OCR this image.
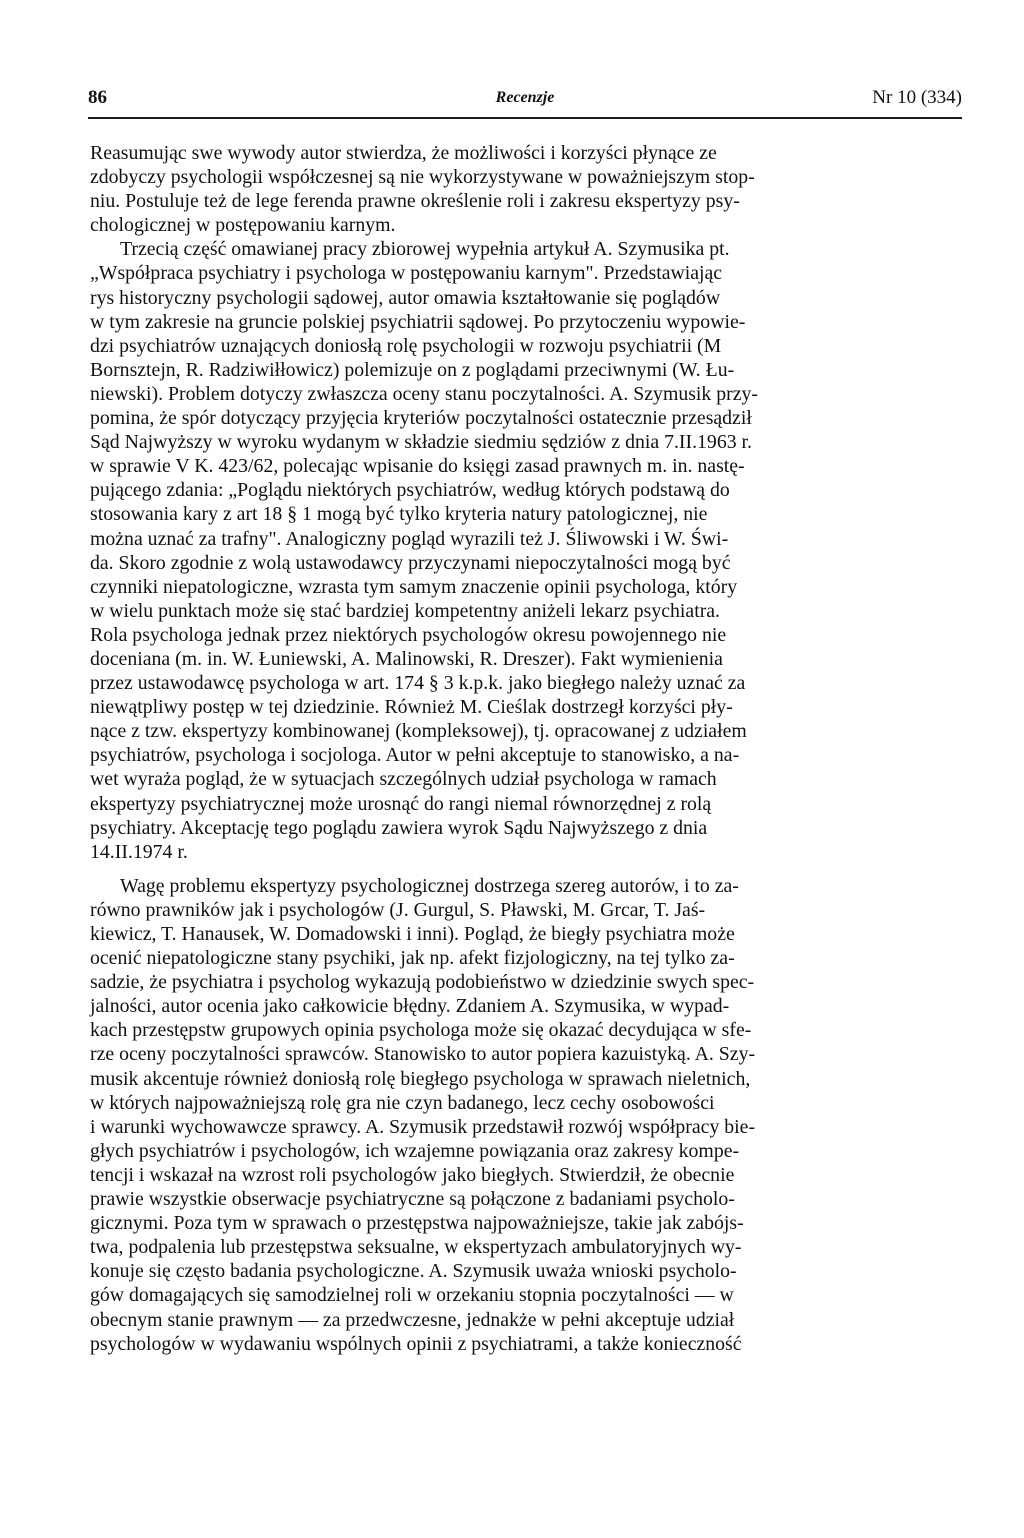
86	Recenzje	Nr 10 (334)
Reasumując swe wywody autor stwierdza, że możliwości i korzyści płynące ze
zdobyczy psychologii współczesnej są nie wykorzystywane w poważniejszym stop-
niu. Postuluje też de lege ferenda prawne określenie roli i zakresu ekspertyzy psy-
chologicznej w postępowaniu karnym.
Trzecią część omawianej pracy zbiorowej wypełnia artykuł A. Szymusika pt.
„Współpraca psychiatry i psychologa w postępowaniu karnym". Przedstawiając
rys historyczny psychologii sądowej, autor omawia kształtowanie się poglądów
w tym zakresie na gruncie polskiej psychiatrii sądowej. Po przytoczeniu wypowie-
dzi psychiatrów uznających doniosłą rolę psychologii w rozwoju psychiatrii (M
Bornsztejn, R. Radziwiłłowicz) polemizuje on z poglądami przeciwnymi (W. Łu-
niewski). Problem dotyczy zwłaszcza oceny stanu poczytalności. A. Szymusik przy-
pomina, że spór dotyczący przyjęcia kryteriów poczytalności ostatecznie przesądził
Sąd Najwyższy w wyroku wydanym w składzie siedmiu sędziów z dnia 7.II.1963 r.
w sprawie V K. 423/62, polecając wpisanie do księgi zasad prawnych m. in. nastę-
pującego zdania: „Poglądu niektórych psychiatrów, według których podstawą do
stosowania kary z art 18 § 1 mogą być tylko kryteria natury patologicznej, nie
można uznać za trafny". Analogiczny pogląd wyrazili też J. Śliwowski i W. Świ-
da. Skoro zgodnie z wolą ustawodawcy przyczynami niepoczytalności mogą być
czynniki niepatologiczne, wzrasta tym samym znaczenie opinii psychologa, który
w wielu punktach może się stać bardziej kompetentny aniżeli lekarz psychiatra.
Rola psychologa jednak przez niektórych psychologów okresu powojennego nie
doceniana (m. in. W. Łuniewski, A. Malinowski, R. Dreszer). Fakt wymienienia
przez ustawodawcę psychologa w art. 174 § 3 k.p.k. jako biegłego należy uznać za
niewątpliwy postęp w tej dziedzinie. Również M. Cieślak dostrzegł korzyści pły-
nące z tzw. ekspertyzy kombinowanej (kompleksowej), tj. opracowanej z udziałem
psychiatrów, psychologa i socjologa. Autor w pełni akceptuje to stanowisko, a na-
wet wyraża pogląd, że w sytuacjach szczególnych udział psychologa w ramach
ekspertyzy psychiatrycznej może urosnąć do rangi niemal równorzędnej z rolą
psychiatry. Akceptację tego poglądu zawiera wyrok Sądu Najwyższego z dnia
14.II.1974 r.
Wagę problemu ekspertyzy psychologicznej dostrzega szereg autorów, i to za-
równo prawników jak i psychologów (J. Gurgul, S. Pławski, M. Grcar, T. Jaś-
kiewicz, T. Hanausek, W. Domadowski i inni). Pogląd, że biegły psychiatra może
ocenić niepatologiczne stany psychiki, jak np. afekt fizjologiczny, na tej tylko za-
sadzie, że psychiatra i psycholog wykazują podobieństwo w dziedzinie swych spec-
jalności, autor ocenia jako całkowicie błędny. Zdaniem A. Szymusika, w wypad-
kach przestępstw grupowych opinia psychologa może się okazać decydująca w sfe-
rze oceny poczytalności sprawców. Stanowisko to autor popiera kazuistyką. A. Szy-
musik akcentuje również doniosłą rolę biegłego psychologa w sprawach nieletnich,
w których najpoważniejszą rolę gra nie czyn badanego, lecz cechy osobowości
i warunki wychowawcze sprawcy. A. Szymusik przedstawił rozwój współpracy bie-
głych psychiatrów i psychologów, ich wzajemne powiązania oraz zakresy kompe-
tencji i wskazał na wzrost roli psychologów jako biegłych. Stwierdził, że obecnie
prawie wszystkie obserwacje psychiatryczne są połączone z badaniami psycholo-
gicznymi. Poza tym w sprawach o przestępstwa najpoważniejsze, takie jak zabójs-
twa, podpalenia lub przestępstwa seksualne, w ekspertyzach ambulatoryjnych wy-
konuje się często badania psychologiczne. A. Szymusik uważa wnioski psycholo-
gów domagających się samodzielnej roli w orzekaniu stopnia poczytalności — w
obecnym stanie prawnym — za przedwczesne, jednakże w pełni akceptuje udział
psychologów w wydawaniu wspólnych opinii z psychiatrami, a także konieczność
